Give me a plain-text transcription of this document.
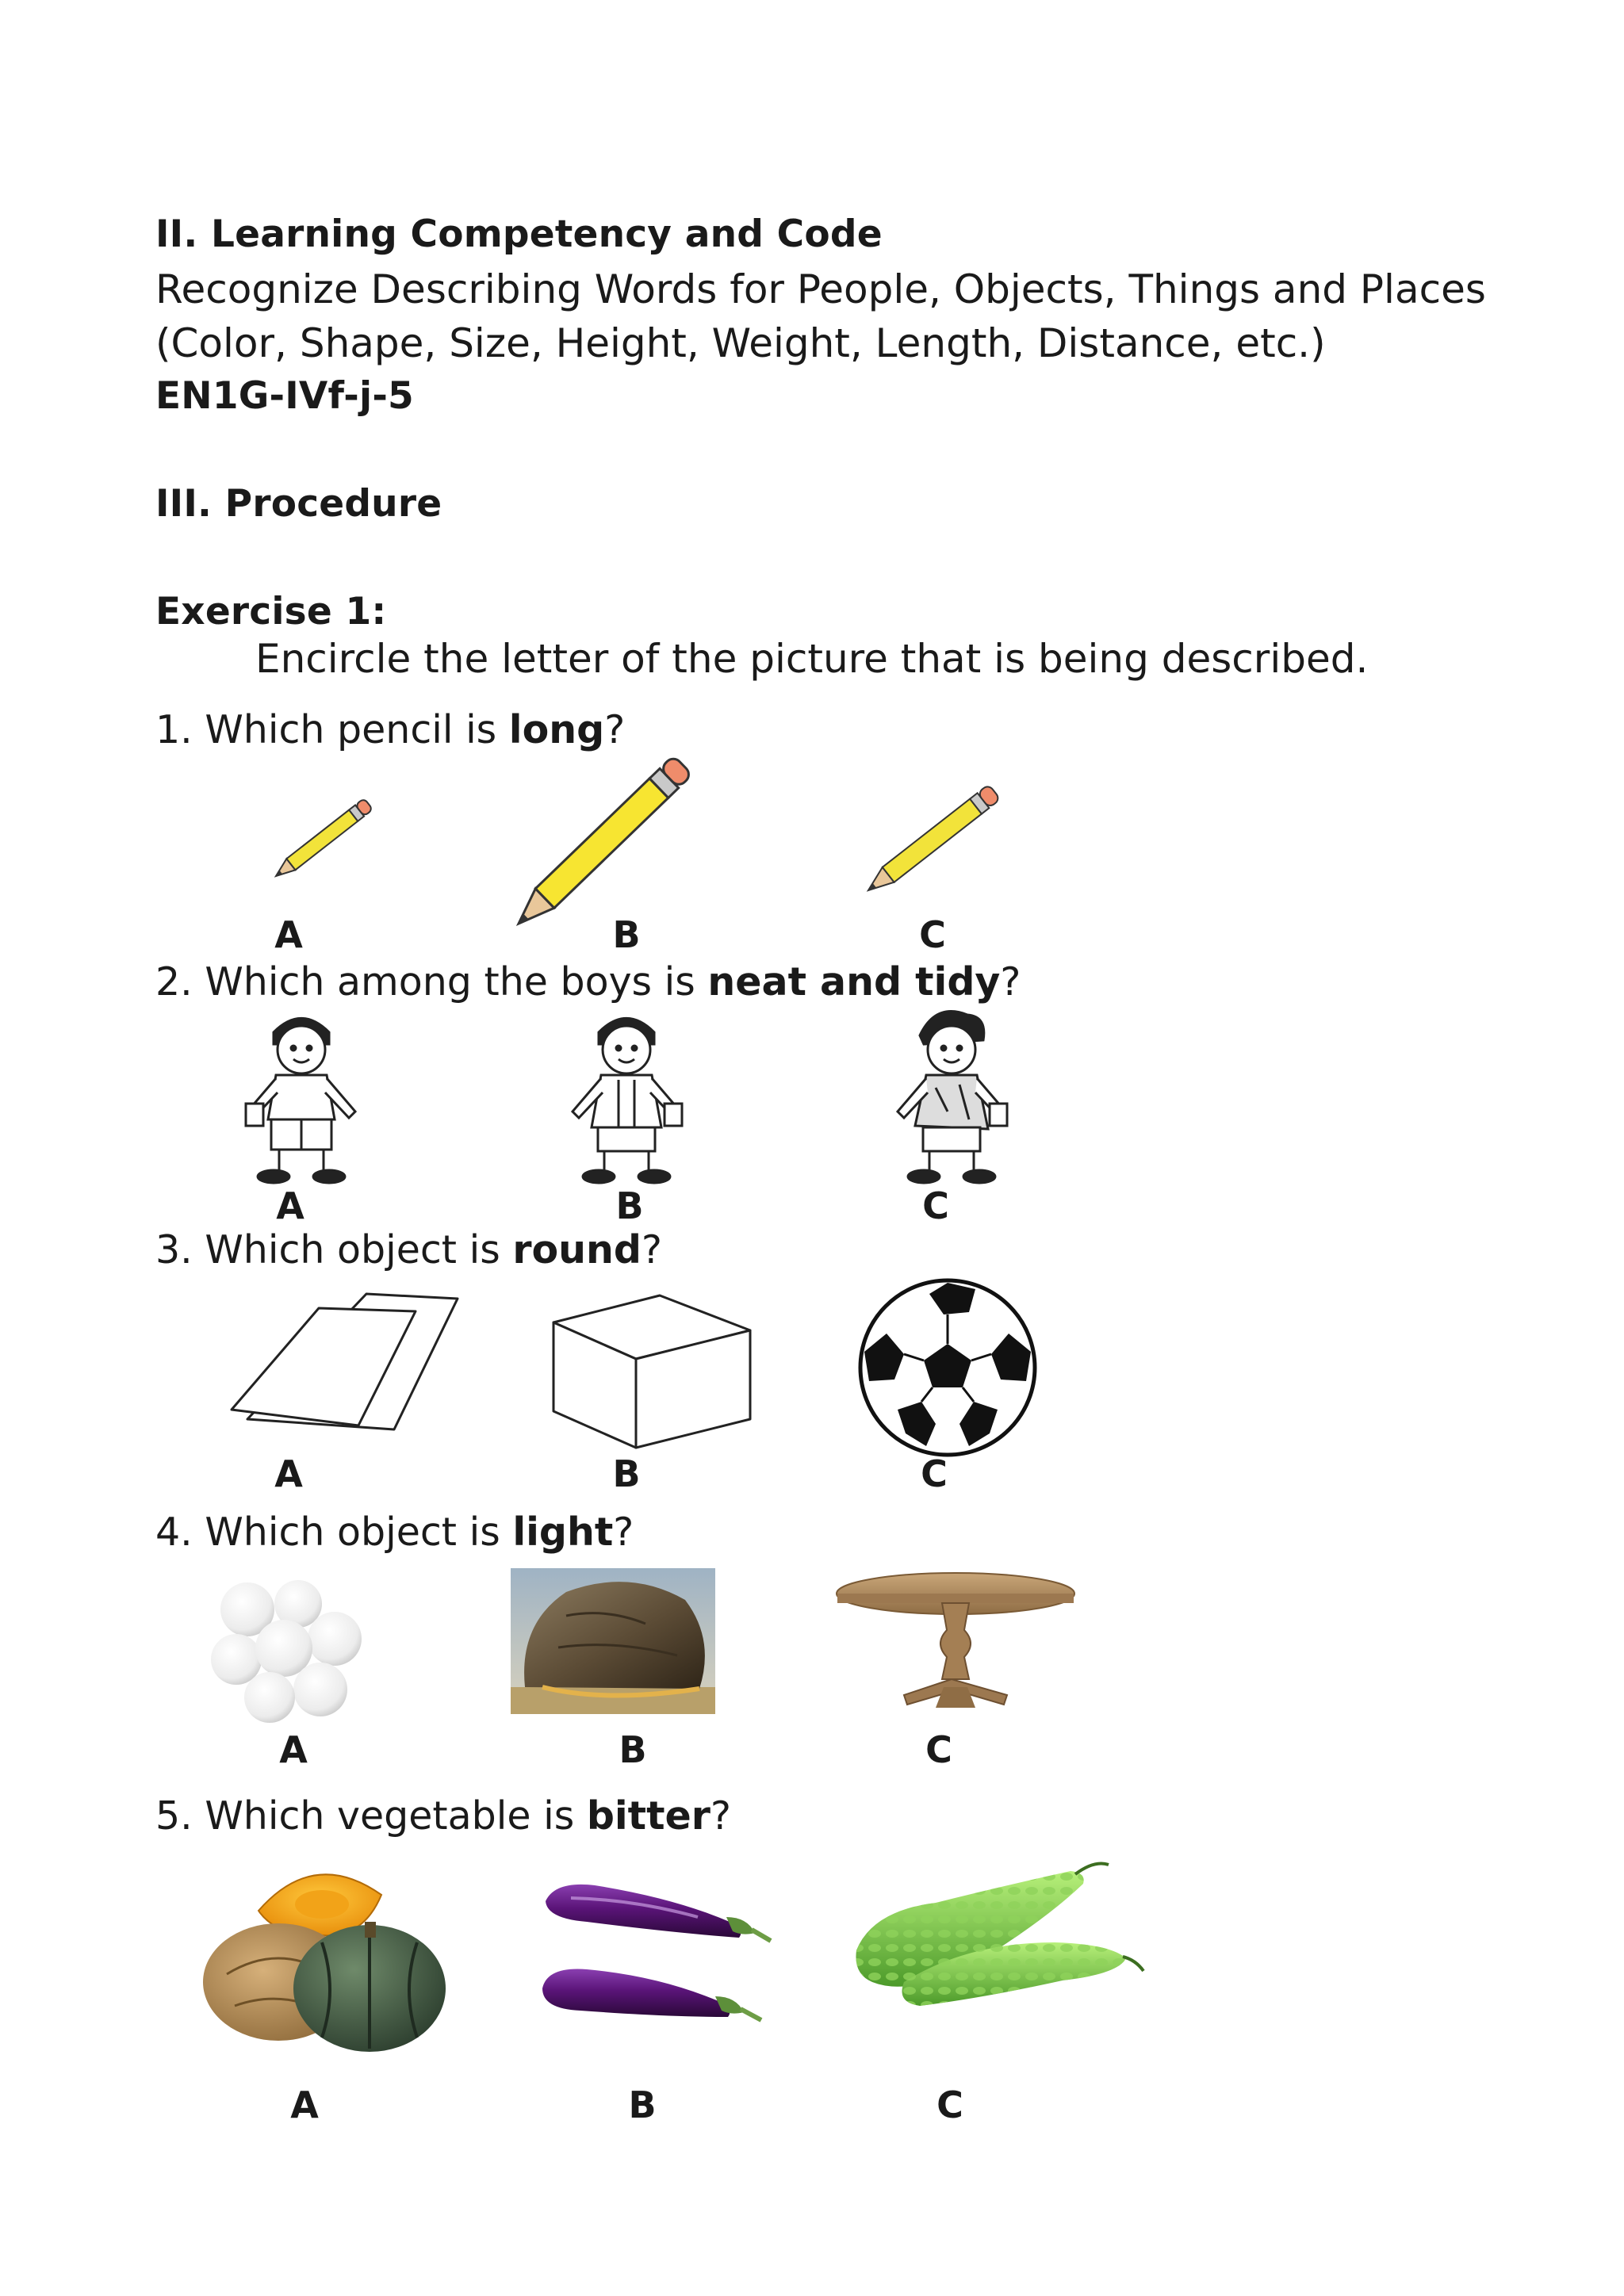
II. Learning Competency and Code
Recognize Describing Words for People, Objects, Things and Places
(Color, Shape, Size, Height, Weight, Length, Distance, etc.)
EN1G-IVf-j-5
III. Procedure
Exercise 1:
Encircle the letter of the picture that is being described.
1. Which pencil is long?
A	B	C
2. Which among the boys is neat and tidy?
A	B	C
3. Which object is round?
A	B	C
4. Which object is light?
A	B	C
5. Which vegetable is bitter?
A	B	C
